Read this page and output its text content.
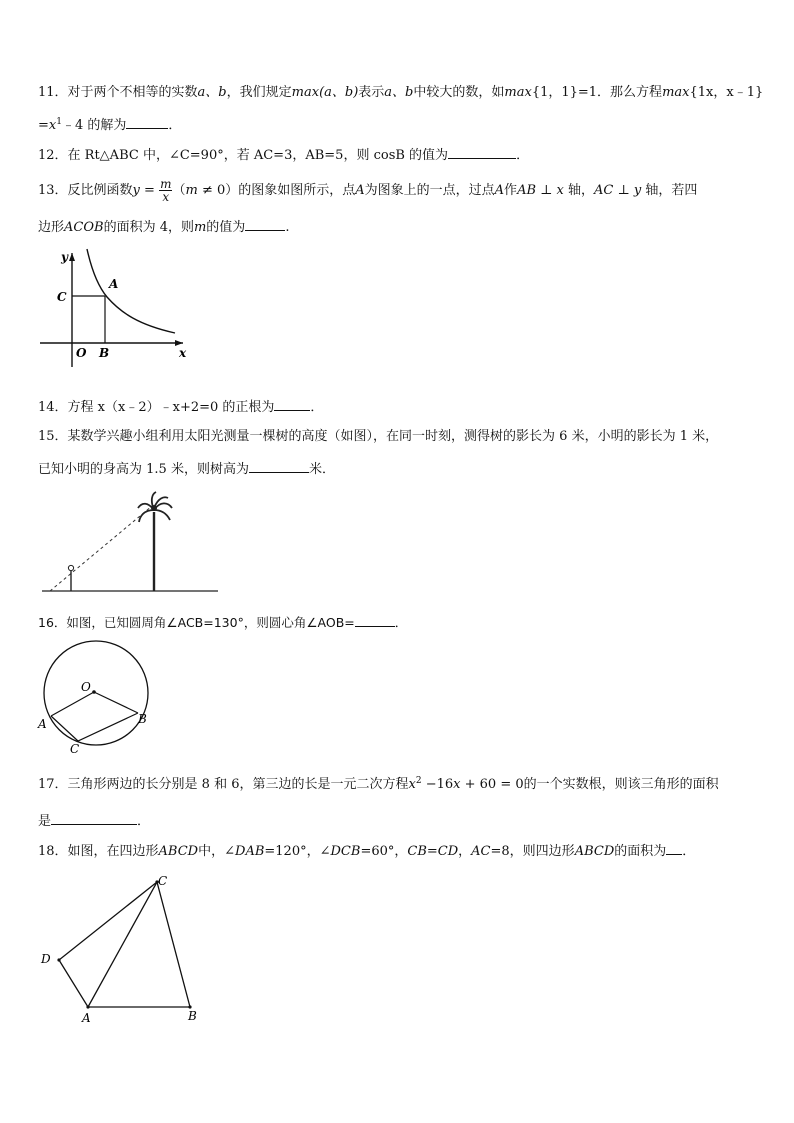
11．对于两个不相等的实数a、b，我们规定max(a、b)表示a、b中较大的数，如max{1，1}=1．那么方程max{1x，x﹣1}
$=x^1﹣4$ 的解为	．
12．在 Rt△ABC 中，∠C=90°，若 AC=3，AB=5，则 cosB 的值为	．
13．反比例函数$y = \frac{m}{x} (m \ne 0)$的图象如图所示，点A为图象上的一点，过点A作AB ⊥ x 轴，AC ⊥ y 轴，若四
边形ACOB的面积为 4，则m的值为	.
y
x
C
A
O B
14．方程 x（x﹣2）﹣x+2=0 的正根为	．
15．某数学兴趣小组利用太阳光测量一棵树的高度（如图），在同一时刻，测得树的影长为 6 米，小明的影长为 1 米，
已知小明的身高为 1.5 米，则树高为	米．
16．如图，已知圆周角∠ACB=130°，则圆心角∠AOB=	．
O
A	B
C
17．三角形两边的长分别是 8 和 6，第三边的长是一元二次方程$x^2 -16x + 60 = 0$的一个实数根，则该三角形的面积
是	．
18．如图，在四边形ABCD中，∠DAB=120°，∠DCB=60°，CB=CD，AC=8，则四边形ABCD的面积为 ．
C
D
A	B
